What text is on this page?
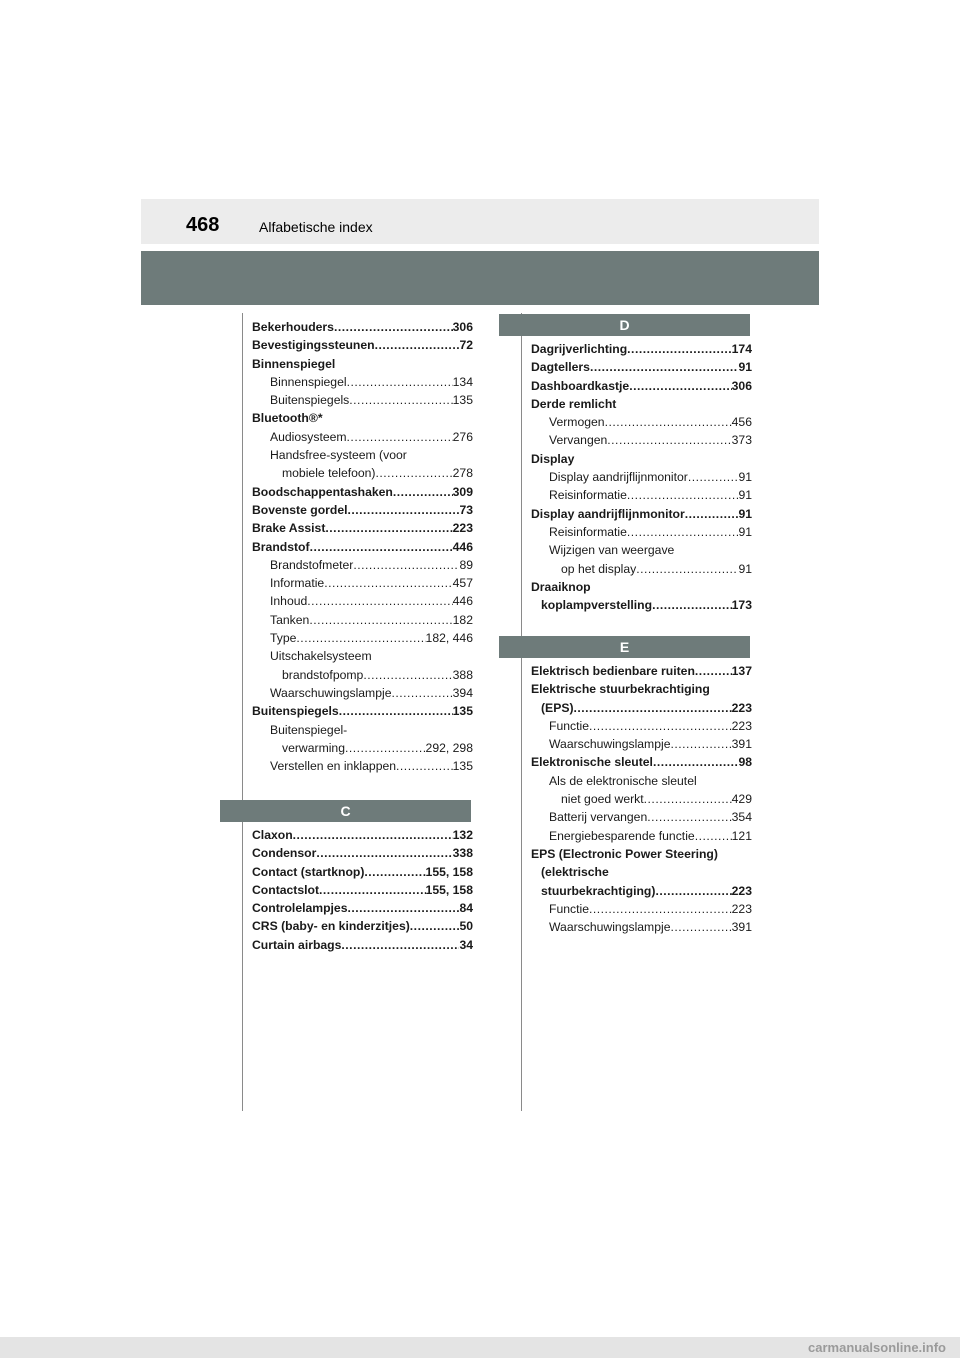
468	Alfabetische index
Bekerhouders .....	306
Bevestigingssteunen .....	72
Binnenspiegel
Binnenspiegel .....	134
Buitenspiegels .....	135
Bluetooth®*
Audiosysteem .....	276
Handsfree-systeem (voor
mobiele telefoon) .....	278
Boodschappentashaken .....	309
Bovenste gordel .....	73
Brake Assist .....	223
Brandstof .....	446
Brandstofmeter .....	89
Informatie .....	457
Inhoud .....	446
Tanken .....	182
Type .....	182, 446
Uitschakelsysteem
brandstofpomp .....	388
Waarschuwingslampje .....	394
Buitenspiegels .....	135
Buitenspiegel-
verwarming .....	292, 298
Verstellen en inklappen .....	135
C
Claxon .....	132
Condensor .....	338
Contact (startknop) .....	155, 158
Contactslot .....	155, 158
Controlelampjes .....	84
CRS (baby- en kinderzitjes) .....	50
Curtain airbags .....	34
D
Dagrijverlichting .....	174
Dagtellers .....	91
Dashboardkastje .....	306
Derde remlicht
Vermogen .....	456
Vervangen .....	373
Display
Display aandrijflijnmonitor .....	91
Reisinformatie .....	91
Display aandrijflijnmonitor .....	91
Reisinformatie .....	91
Wijzigen van weergave
op het display .....	91
Draaiknop
koplampverstelling .....	173
E
Elektrisch bedienbare ruiten .....	137
Elektrische stuurbekrachtiging
(EPS) .....	223
Functie .....	223
Waarschuwingslampje .....	391
Elektronische sleutel .....	98
Als de elektronische sleutel
niet goed werkt .....	429
Batterij vervangen .....	354
Energiebesparende functie .....	121
EPS (Electronic Power Steering)
(elektrische
stuurbekrachtiging) .....	223
Functie .....	223
Waarschuwingslampje .....	391
carmanualsonline.info
